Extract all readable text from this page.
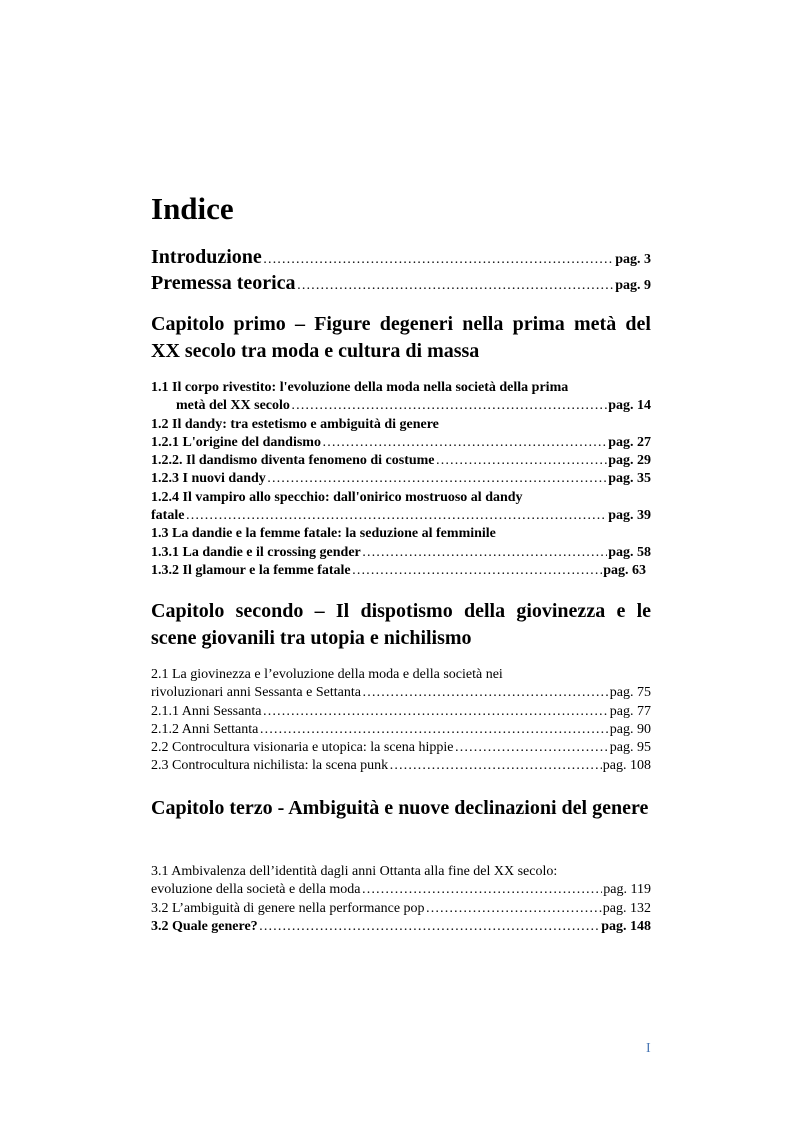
Indice
Introduzione …………………………………………………………………………………………………………………………………………………………………	pag. 3
Premessa teorica …………………………………………………………………………………………………………………………………………………………………	pag. 9
Capitolo primo – Figure degeneri nella prima metà del XX secolo tra moda e cultura di massa
1.1 Il corpo rivestito: l'evoluzione della moda nella società della prima
metà del XX secolo …………………………………………………………………………………………………………………………………………………………………	pag. 14
1.2 Il dandy: tra estetismo e ambiguità di genere
1.2.1 L'origine del dandismo …………………………………………………………………………………………………………………………………………………………………	pag. 27
1.2.2. Il dandismo diventa fenomeno di costume …………………………………………………………………………………………………………………………………………………………………	pag. 29
1.2.3 I nuovi dandy …………………………………………………………………………………………………………………………………………………………………	pag. 35
1.2.4 Il vampiro allo specchio: dall'onirico mostruoso al dandy
fatale …………………………………………………………………………………………………………………………………………………………………	pag. 39
1.3 La dandie e la femme fatale: la seduzione al femminile
1.3.1 La dandie e il crossing gender …………………………………………………………………………………………………………………………………………………………………	pag. 58
1.3.2 Il glamour e la femme fatale …………………………………………………………………………………………………………………………………………………………………	pag. 63
Capitolo secondo – Il dispotismo della giovinezza e le scene giovanili tra utopia e nichilismo
2.1 La giovinezza e l’evoluzione della moda e della società nei
rivoluzionari anni Sessanta e Settanta …………………………………………………………………………………………………………………………………………………………………	pag. 75
2.1.1 Anni Sessanta …………………………………………………………………………………………………………………………………………………………………	pag. 77
2.1.2 Anni Settanta …………………………………………………………………………………………………………………………………………………………………	pag. 90
2.2 Controcultura visionaria e utopica: la scena hippie …………………………………………………………………………………………………………………………………………………………………	pag. 95
2.3 Controcultura nichilista: la scena punk …………………………………………………………………………………………………………………………………………………………………	pag. 108
Capitolo terzo - Ambiguità e nuove declinazioni del genere
3.1 Ambivalenza dell’identità dagli anni Ottanta alla fine del XX secolo:
evoluzione della società e della moda …………………………………………………………………………………………………………………………………………………………………	pag. 119
3.2 L’ambiguità di genere nella performance pop …………………………………………………………………………………………………………………………………………………………………	pag. 132
3.2 Quale genere? …………………………………………………………………………………………………………………………………………………………………	pag. 148
I
